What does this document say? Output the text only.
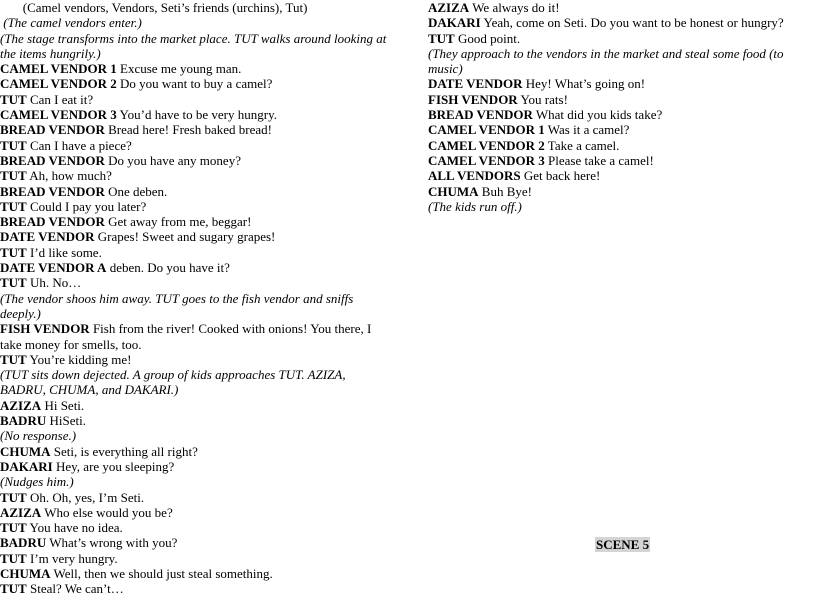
(Camel vendors, Vendors, Seti’s friends (urchins), Tut)

(The camel vendors enter.)

(The stage transforms into the market place. TUT walks around looking at the items hungrily.)

CAMEL VENDOR 1 Excuse me young man.

CAMEL VENDOR 2 Do you want to buy a camel?

TUT Can I eat it?

CAMEL VENDOR 3 You’d have to be very hungry.

BREAD VENDOR Bread here! Fresh baked bread!

TUT Can I have a piece?

BREAD VENDOR Do you have any money?

TUT Ah, how much?

BREAD VENDOR One deben.

TUT Could I pay you later?

BREAD VENDOR Get away from me, beggar!

DATE VENDOR Grapes! Sweet and sugary grapes!

TUT I’d like some.

DATE VENDOR A deben. Do you have it?

TUT Uh. No…

(The vendor shoos him away. TUT goes to the fish vendor and sniffs deeply.)

FISH VENDOR Fish from the river! Cooked with onions! You there, I take money for smells, too.

TUT You’re kidding me!

(TUT sits down dejected. A group of kids approaches TUT. AZIZA, BADRU, CHUMA, and DAKARI.)

AZIZA Hi Seti.

BADRU HiSeti.

(No response.)

CHUMA Seti, is everything all right?

DAKARI Hey, are you sleeping?

(Nudges him.)

TUT Oh. Oh, yes, I’m Seti.

AZIZA Who else would you be?

TUT You have no idea.

BADRU What’s wrong with you?

TUT I’m very hungry.

CHUMA Well, then we should just steal something.

TUT Steal? We can’t…

AZIZA We always do it!

DAKARI Yeah, come on Seti. Do you want to be honest or hungry?

TUT Good point.

(They approach to the vendors in the market and steal some food (to music)

DATE VENDOR Hey! What’s going on!

FISH VENDOR You rats!

BREAD VENDOR What did you kids take?

CAMEL VENDOR 1 Was it a camel?

CAMEL VENDOR 2 Take a camel.

CAMEL VENDOR 3 Please take a camel!

ALL VENDORS Get back here!

CHUMA Buh Bye!

(The kids run off.)

SCENE 5
